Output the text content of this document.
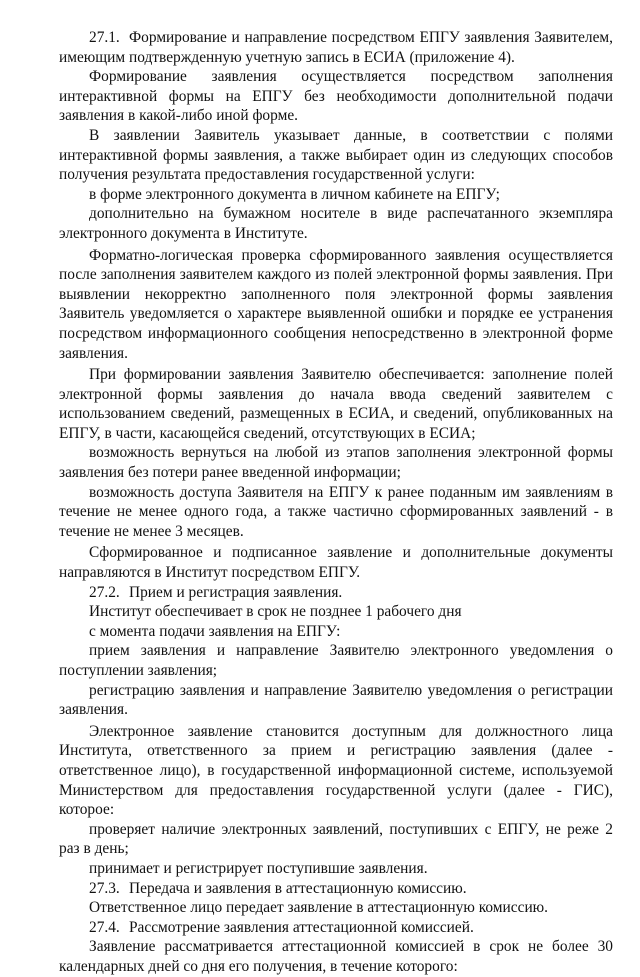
27.1. Формирование и направление посредством ЕПГУ заявления Заявителем, имеющим подтвержденную учетную запись в ЕСИА (приложение 4).

Формирование заявления осуществляется посредством заполнения интерактивной формы на ЕПГУ без необходимости дополнительной подачи заявления в какой-либо иной форме.

В заявлении Заявитель указывает данные, в соответствии с полями интерактивной формы заявления, а также выбирает один из следующих способов получения результата предоставления государственной услуги:

в форме электронного документа в личном кабинете на ЕПГУ;

дополнительно на бумажном носителе в виде распечатанного экземпляра электронного документа в Институте.

Форматно-логическая проверка сформированного заявления осуществляется после заполнения заявителем каждого из полей электронной формы заявления. При выявлении некорректно заполненного поля электронной формы заявления Заявитель уведомляется о характере выявленной ошибки и порядке ее устранения посредством информационного сообщения непосредственно в электронной форме заявления.

При формировании заявления Заявителю обеспечивается: заполнение полей электронной формы заявления до начала ввода сведений заявителем с использованием сведений, размещенных в ЕСИА, и сведений, опубликованных на ЕПГУ, в части, касающейся сведений, отсутствующих в ЕСИА;

возможность вернуться на любой из этапов заполнения электронной формы заявления без потери ранее введенной информации;

возможность доступа Заявителя на ЕПГУ к ранее поданным им заявлениям в течение не менее одного года, а также частично сформированных заявлений - в течение не менее 3 месяцев.

Сформированное и подписанное заявление и дополнительные документы направляются в Институт посредством ЕПГУ.

27.2. Прием и регистрация заявления.

Институт обеспечивает в срок не позднее 1 рабочего дня

с момента подачи заявления на ЕПГУ:

прием заявления и направление Заявителю электронного уведомления о поступлении заявления;

регистрацию заявления и направление Заявителю уведомления о регистрации заявления.

Электронное заявление становится доступным для должностного лица Института, ответственного за прием и регистрацию заявления (далее - ответственное лицо), в государственной информационной системе, используемой Министерством для предоставления государственной услуги (далее - ГИС), которое:

проверяет наличие электронных заявлений, поступивших с ЕПГУ, не реже 2 раз в день;

принимает и регистрирует поступившие заявления.

27.3. Передача и заявления в аттестационную комиссию.

Ответственное лицо передает заявление в аттестационную комиссию.

27.4. Рассмотрение заявления аттестационной комиссией.

Заявление рассматривается аттестационной комиссией в срок не более 30 календарных дней со дня его получения, в течение которого:
